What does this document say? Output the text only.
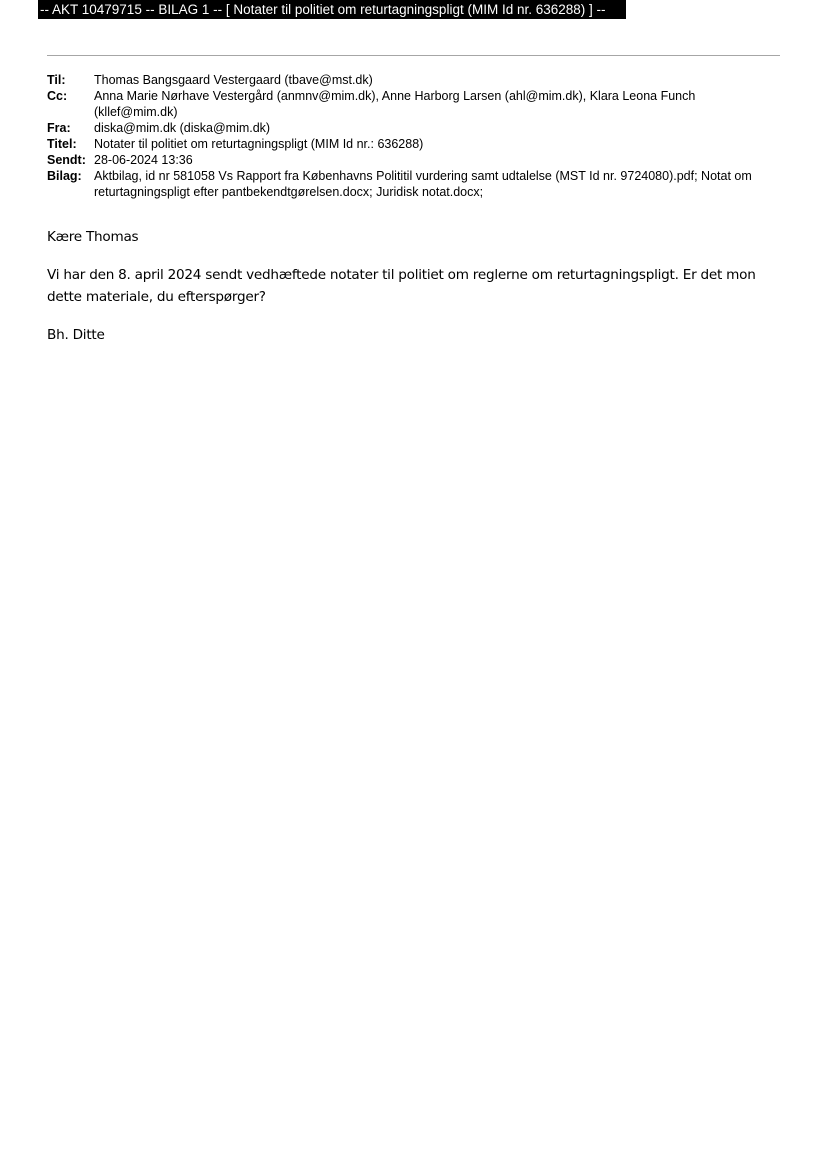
-- AKT 10479715 -- BILAG 1 -- [ Notater til politiet om returtagningspligt (MIM Id nr. 636288) ] --
Til:	Thomas Bangsgaard Vestergaard (tbave@mst.dk)
Cc:	Anna Marie Nørhave Vestergård (anmnv@mim.dk), Anne Harborg Larsen (ahl@mim.dk), Klara Leona Funch (kllef@mim.dk)
Fra:	diska@mim.dk (diska@mim.dk)
Titel:	Notater til politiet om returtagningspligt (MIM Id nr.: 636288)
Sendt: 28-06-2024 13:36
Bilag: Aktbilag, id nr 581058 Vs Rapport fra Københavns Polititil vurdering samt udtalelse (MST Id nr. 9724080).pdf; Notat om returtagningspligt efter pantbekendtgørelsen.docx; Juridisk notat.docx;

Kære Thomas

Vi har den 8. april 2024 sendt vedhæftede notater til politiet om reglerne om returtagningspligt. Er det mon dette materiale, du efterspørger?

Bh. Ditte
